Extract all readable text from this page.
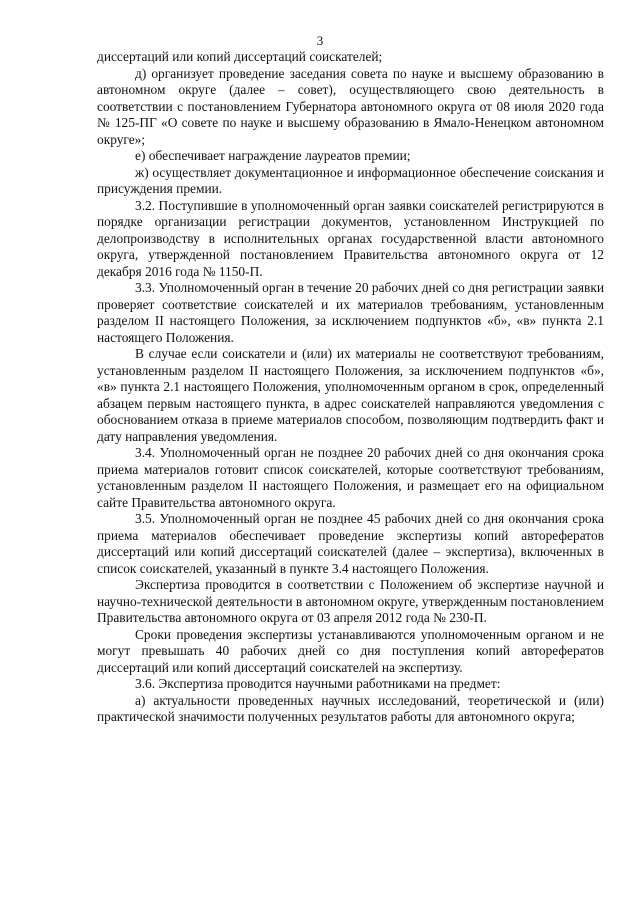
3

диссертаций или копий диссертаций соискателей;

д) организует проведение заседания совета по науке и высшему образованию в автономном округе (далее – совет), осуществляющего свою деятельность в соответствии с постановлением Губернатора автономного округа от 08 июля 2020 года № 125-ПГ «О совете по науке и высшему образованию в Ямало-Ненецком автономном округе»;

е) обеспечивает награждение лауреатов премии;

ж) осуществляет документационное и информационное обеспечение соискания и присуждения премии.

3.2. Поступившие в уполномоченный орган заявки соискателей регистрируются в порядке организации регистрации документов, установленном Инструкцией по делопроизводству в исполнительных органах государственной власти автономного округа, утвержденной постановлением Правительства автономного округа от 12 декабря 2016 года № 1150-П.

3.3. Уполномоченный орган в течение 20 рабочих дней со дня регистрации заявки проверяет соответствие соискателей и их материалов требованиям, установленным разделом II настоящего Положения, за исключением подпунктов «б», «в» пункта 2.1 настоящего Положения.

В случае если соискатели и (или) их материалы не соответствуют требованиям, установленным разделом II настоящего Положения, за исключением подпунктов «б», «в» пункта 2.1 настоящего Положения, уполномоченным органом в срок, определенный абзацем первым настоящего пункта, в адрес соискателей направляются уведомления с обоснованием отказа в приеме материалов способом, позволяющим подтвердить факт и дату направления уведомления.

3.4. Уполномоченный орган не позднее 20 рабочих дней со дня окончания срока приема материалов готовит список соискателей, которые соответствуют требованиям, установленным разделом II настоящего Положения, и размещает его на официальном сайте Правительства автономного округа.

3.5. Уполномоченный орган не позднее 45 рабочих дней со дня окончания срока приема материалов обеспечивает проведение экспертизы копий авторефератов диссертаций или копий диссертаций соискателей (далее – экспертиза), включенных в список соискателей, указанный в пункте 3.4 настоящего Положения.

Экспертиза проводится в соответствии с Положением об экспертизе научной и научно-технической деятельности в автономном округе, утвержденным постановлением Правительства автономного округа от 03 апреля 2012 года № 230-П.

Сроки проведения экспертизы устанавливаются уполномоченным органом и не могут превышать 40 рабочих дней со дня поступления копий авторефератов диссертаций или копий диссертаций соискателей на экспертизу.

3.6. Экспертиза проводится научными работниками на предмет:

а) актуальности проведенных научных исследований, теоретической и (или) практической значимости полученных результатов работы для автономного округа;
